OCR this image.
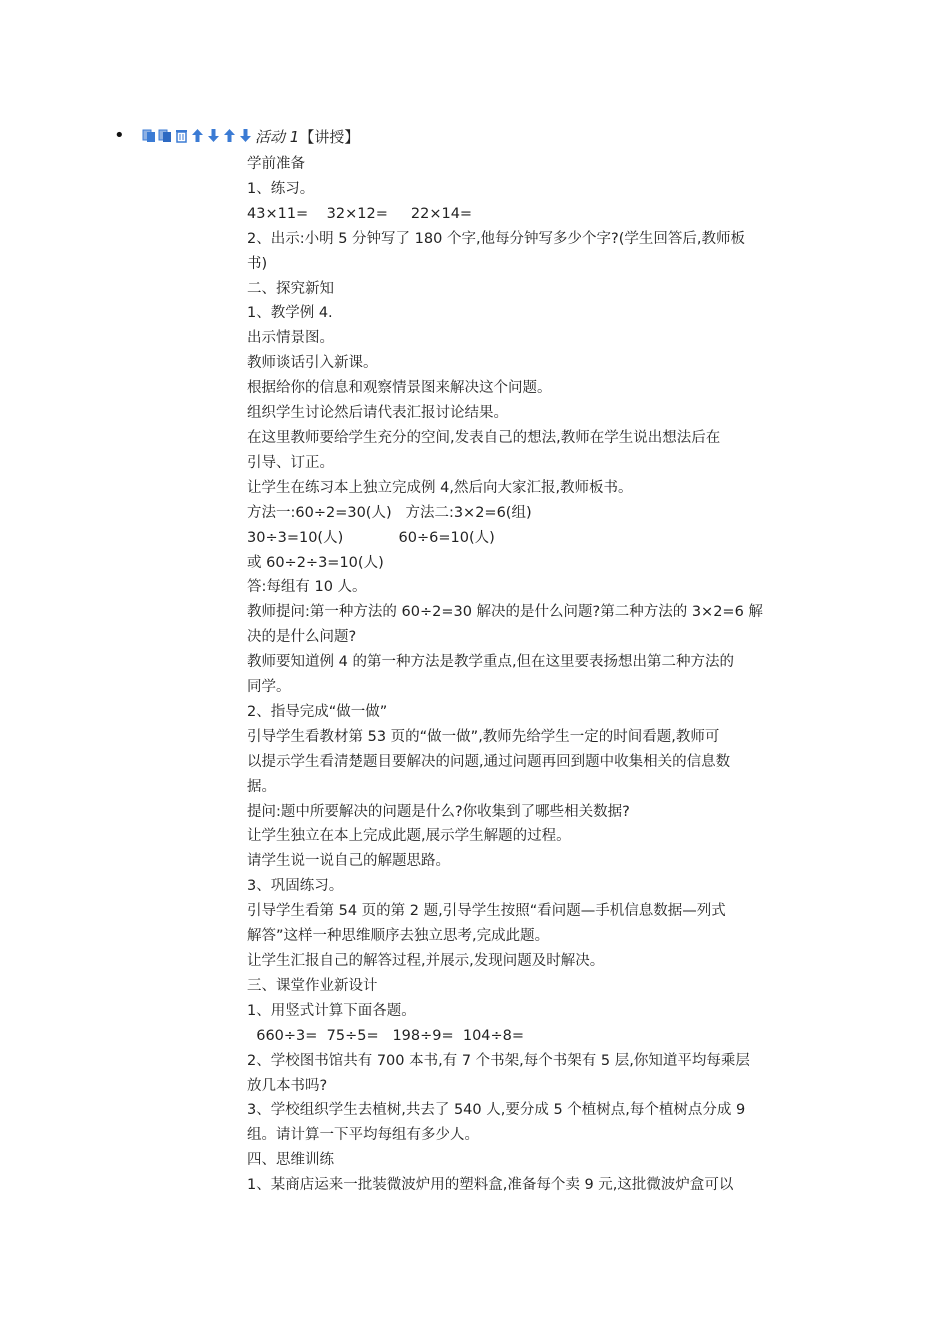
•	活动 1【讲授】
学前准备
1、练习。
43×11=    32×12=     22×14=
2、出示:小明 5 分钟写了 180 个字,他每分钟写多少个字?(学生回答后,教师板
书)
二、探究新知
1、教学例 4.
出示情景图。
教师谈话引入新课。
根据给你的信息和观察情景图来解决这个问题。
组织学生讨论然后请代表汇报讨论结果。
在这里教师要给学生充分的空间,发表自己的想法,教师在学生说出想法后在
引导、订正。
让学生在练习本上独立完成例 4,然后向大家汇报,教师板书。
方法一:60÷2=30(人)   方法二:3×2=6(组)
30÷3=10(人)            60÷6=10(人)
或 60÷2÷3=10(人)
答:每组有 10 人。
教师提问:第一种方法的 60÷2=30 解决的是什么问题?第二种方法的 3×2=6 解
决的是什么问题?
教师要知道例 4 的第一种方法是教学重点,但在这里要表扬想出第二种方法的
同学。
2、指导完成“做一做”
引导学生看教材第 53 页的“做一做”,教师先给学生一定的时间看题,教师可
以提示学生看清楚题目要解决的问题,通过问题再回到题中收集相关的信息数
据。
提问:题中所要解决的问题是什么?你收集到了哪些相关数据?
让学生独立在本上完成此题,展示学生解题的过程。
请学生说一说自己的解题思路。
3、巩固练习。
引导学生看第 54 页的第 2 题,引导学生按照“看问题—手机信息数据—列式
解答”这样一种思维顺序去独立思考,完成此题。
让学生汇报自己的解答过程,并展示,发现问题及时解决。
三、课堂作业新设计
1、用竖式计算下面各题。
660÷3=  75÷5=   198÷9=  104÷8=
2、学校图书馆共有 700 本书,有 7 个书架,每个书架有 5 层,你知道平均每乘层
放几本书吗?
3、学校组织学生去植树,共去了 540 人,要分成 5 个植树点,每个植树点分成 9
组。请计算一下平均每组有多少人。
四、思维训练
1、某商店运来一批装微波炉用的塑料盒,准备每个卖 9 元,这批微波炉盒可以
